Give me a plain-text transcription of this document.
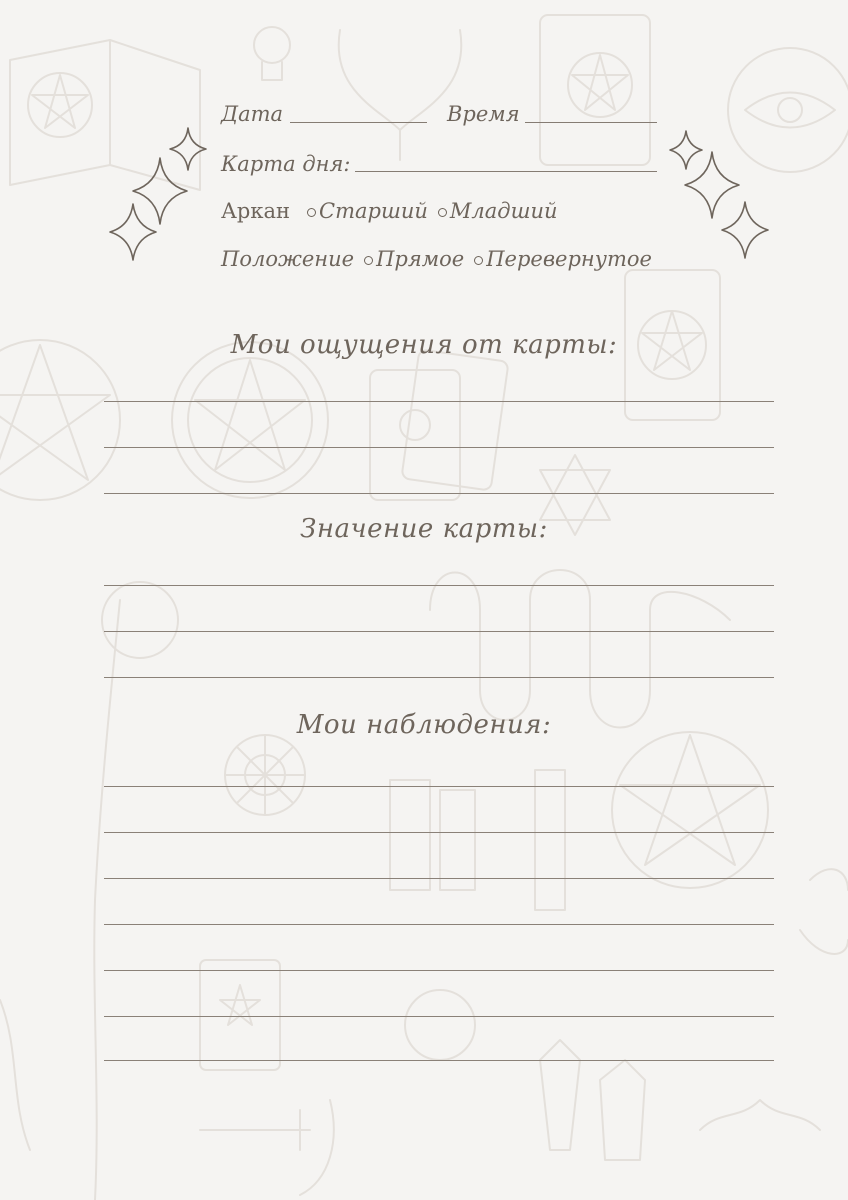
Дата	Время
Карта дня:
Аркан Старший Младший
Положение Прямое Перевернутое
Мои ощущения от карты:
Значение карты:
Мои наблюдения:
